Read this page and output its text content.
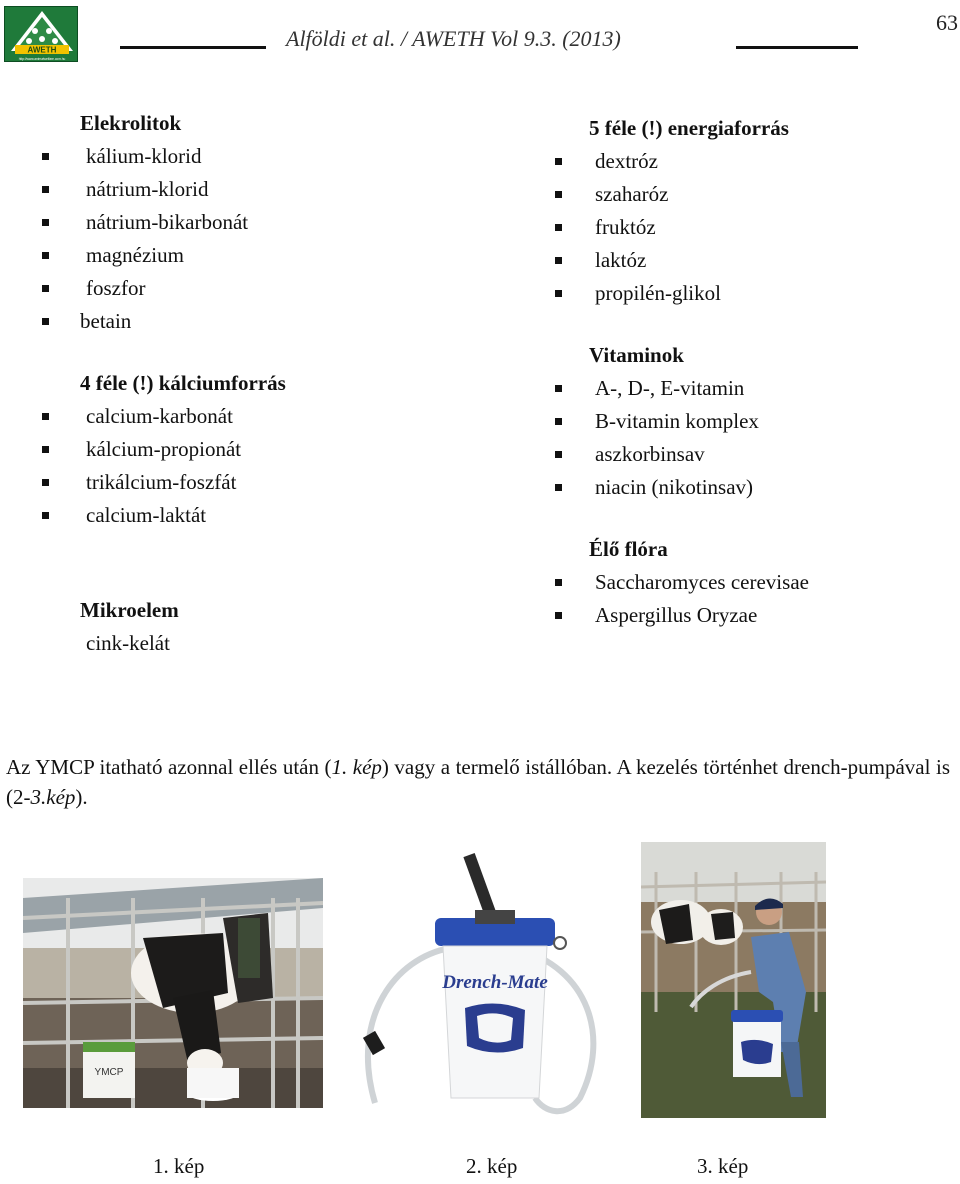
AWETH
http://www.animalwelfare.com.hu
Alföldi et al. / AWETH Vol 9.3. (2013)
63
Elekrolitok
kálium-klorid
nátrium-klorid
nátrium-bikarbonát
magnézium
foszfor
betain
4 féle (!) kálciumforrás
calcium-karbonát
kálcium-propionát
trikálcium-foszfát
calcium-laktát
Mikroelem
cink-kelát
5 féle (!) energiaforrás
dextróz
szaharóz
fruktóz
laktóz
propilén-glikol
Vitaminok
A-, D-, E-vitamin
B-vitamin komplex
aszkorbinsav
niacin (nikotinsav)
Élő flóra
Saccharomyces cerevisae
Aspergillus Oryzae

Az YMCP itatható azonnal ellés után (1. kép) vagy a termelő istállóban. A kezelés történhet drench-pumpával is (2-3.kép).

YMCP
Drench-Mate
1. kép	2. kép	3. kép
